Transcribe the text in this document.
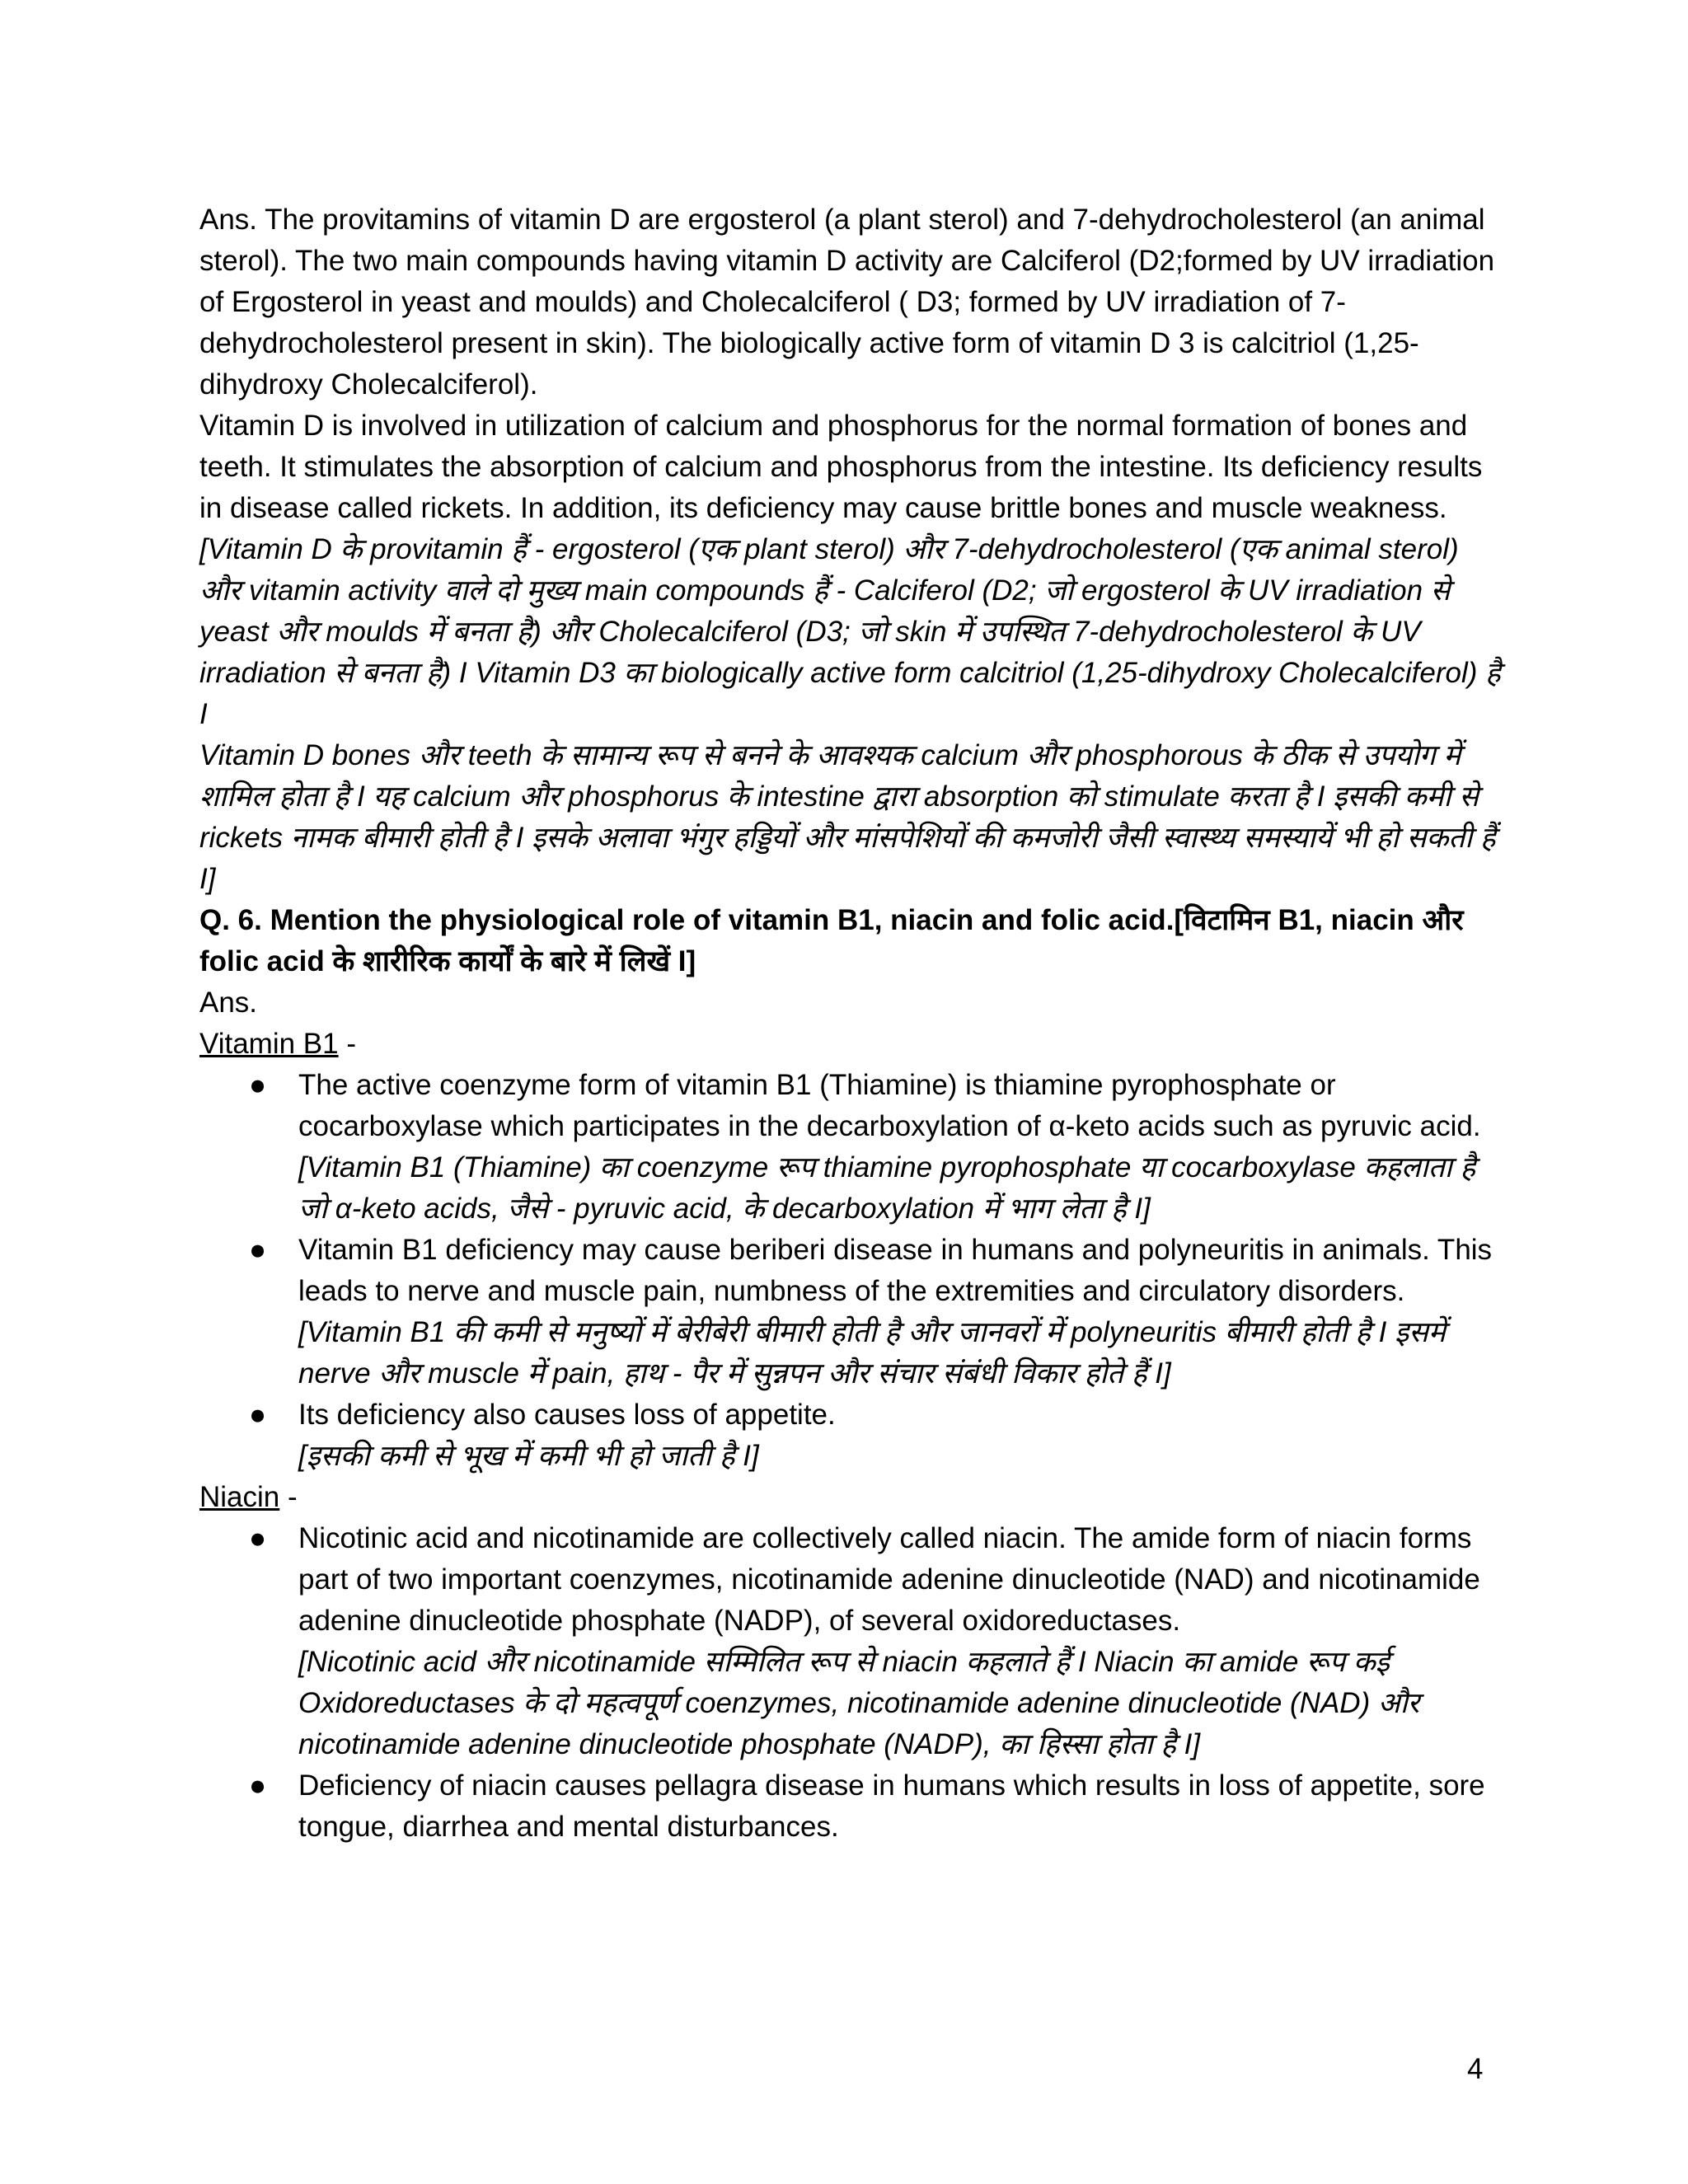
Ans. The provitamins of vitamin D are ergosterol (a plant sterol) and 7-dehydrocholesterol (an animal sterol). The two main compounds having vitamin D activity are Calciferol (D2;formed by UV irradiation of Ergosterol in yeast and moulds) and Cholecalciferol ( D3; formed by UV irradiation of 7-dehydrocholesterol present in skin). The biologically active form of vitamin D 3 is calcitriol (1,25-dihydroxy Cholecalciferol).

Vitamin D is involved in utilization of calcium and phosphorus for the normal formation of bones and teeth. It stimulates the absorption of calcium and phosphorus from the intestine. Its deficiency results in disease called rickets. In addition, its deficiency may cause brittle bones and muscle weakness.

[Vitamin D के provitamin हैं - ergosterol (एक plant sterol) और 7-dehydrocholesterol (एक animal sterol) और vitamin activity वाले दो मुख्य main compounds हैं - Calciferol (D2; जो ergosterol के UV irradiation से yeast और moulds में बनता है) और Cholecalciferol (D3; जो skin में उपस्थित 7-dehydrocholesterol के UV irradiation से बनता है) I Vitamin D3 का biologically active form calcitriol (1,25-dihydroxy Cholecalciferol) है I

Vitamin D bones और teeth के सामान्य रूप से बनने के आवश्यक calcium और phosphorous के ठीक से उपयोग में शामिल होता है I यह calcium और phosphorus के intestine द्वारा absorption को stimulate करता है I इसकी कमी से rickets नामक बीमारी होती है I इसके अलावा भंगुर हड्डियों और मांसपेशियों की कमजोरी जैसी स्वास्थ्य समस्यायें भी हो सकती हैं I]

Q. 6. Mention the physiological role of vitamin B1, niacin and folic acid.[विटामिन B1, niacin और folic acid के शारीरिक कार्यों के बारे में लिखें I]

Ans.

Vitamin B1 -

● The active coenzyme form of vitamin B1 (Thiamine) is thiamine pyrophosphate or cocarboxylase which participates in the decarboxylation of α-keto acids such as pyruvic acid.

[Vitamin B1 (Thiamine) का coenzyme रूप thiamine pyrophosphate या cocarboxylase कहलाता है जो α-keto acids, जैसे - pyruvic acid, के decarboxylation में भाग लेता है I]

● Vitamin B1 deficiency may cause beriberi disease in humans and polyneuritis in animals. This leads to nerve and muscle pain, numbness of the extremities and circulatory disorders.

[Vitamin B1 की कमी से मनुष्यों में बेरीबेरी बीमारी होती है और जानवरों में polyneuritis बीमारी होती है I इसमें nerve और muscle में pain, हाथ - पैर में सुन्नपन और संचार संबंधी विकार होते हैं I]

● Its deficiency also causes loss of appetite.

[इसकी कमी से भूख में कमी भी हो जाती है I]

Niacin -

● Nicotinic acid and nicotinamide are collectively called niacin. The amide form of niacin forms part of two important coenzymes, nicotinamide adenine dinucleotide (NAD) and nicotinamide adenine dinucleotide phosphate (NADP), of several oxidoreductases.

[Nicotinic acid और nicotinamide सम्मिलित रूप से niacin कहलाते हैं I Niacin का amide रूप कई Oxidoreductases के दो महत्वपूर्ण coenzymes, nicotinamide adenine dinucleotide (NAD) और nicotinamide adenine dinucleotide phosphate (NADP), का हिस्सा होता है I]

● Deficiency of niacin causes pellagra disease in humans which results in loss of appetite, sore tongue, diarrhea and mental disturbances.

4
